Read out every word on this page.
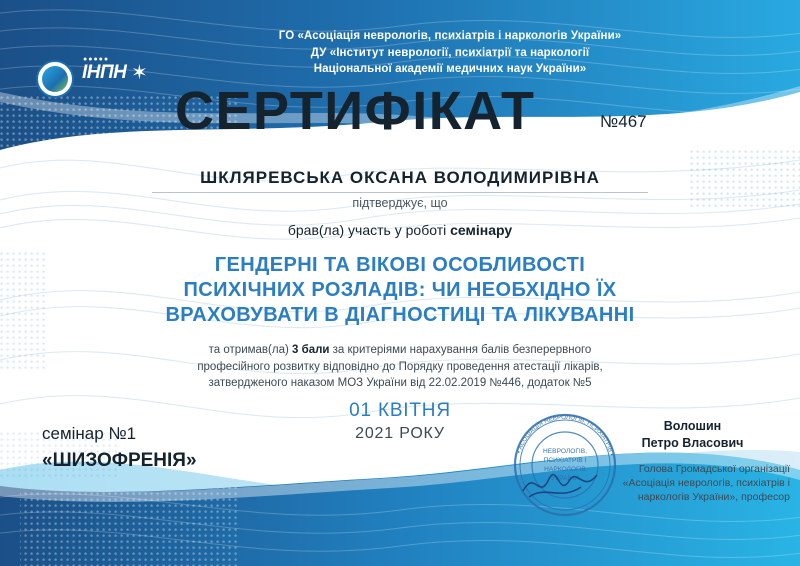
ГО «Асоціація неврологів, психіатрів і наркологів України»
ДУ «Інститут неврології, психіатрії та наркології
Національної академії медичних наук України»
●●●●●
ІНПН ✶
СЕРТИФІКАТ	№467
ШКЛЯРЕВСЬКА ОКСАНА ВОЛОДИМИРІВНА
підтверджує, що
брав(ла) участь у роботі семінару
ГЕНДЕРНІ ТА ВІКОВІ ОСОБЛИВОСТІ
ПСИХІЧНИХ РОЗЛАДІВ: ЧИ НЕОБХІДНО ЇХ
ВРАХОВУВАТИ В ДІАГНОСТИЦІ ТА ЛІКУВАННІ
та отримав(ла) 3 бали за критеріями нарахування балів безперервного
професійного розвитку відповідно до Порядку проведення атестації лікарів,
затвердженого наказом МОЗ України від 22.02.2019 №446, додаток №5
01 КВІТНЯ
2021 РОКУ
семінар №1
«ШИЗОФРЕНІЯ»	• АСОЦІАЦІЯ НЕВРОЛОГІВ, ПСИХІАТРІВ •
НЕВРОЛОГІВ,
ПСИХІАТРІВ І
НАРКОЛОГІВ
УКРАЇНИ
Волошин
Петро Власович
Голова Громадської організації
«Асоціація неврологів, психіатрів і
наркологів України», професор
